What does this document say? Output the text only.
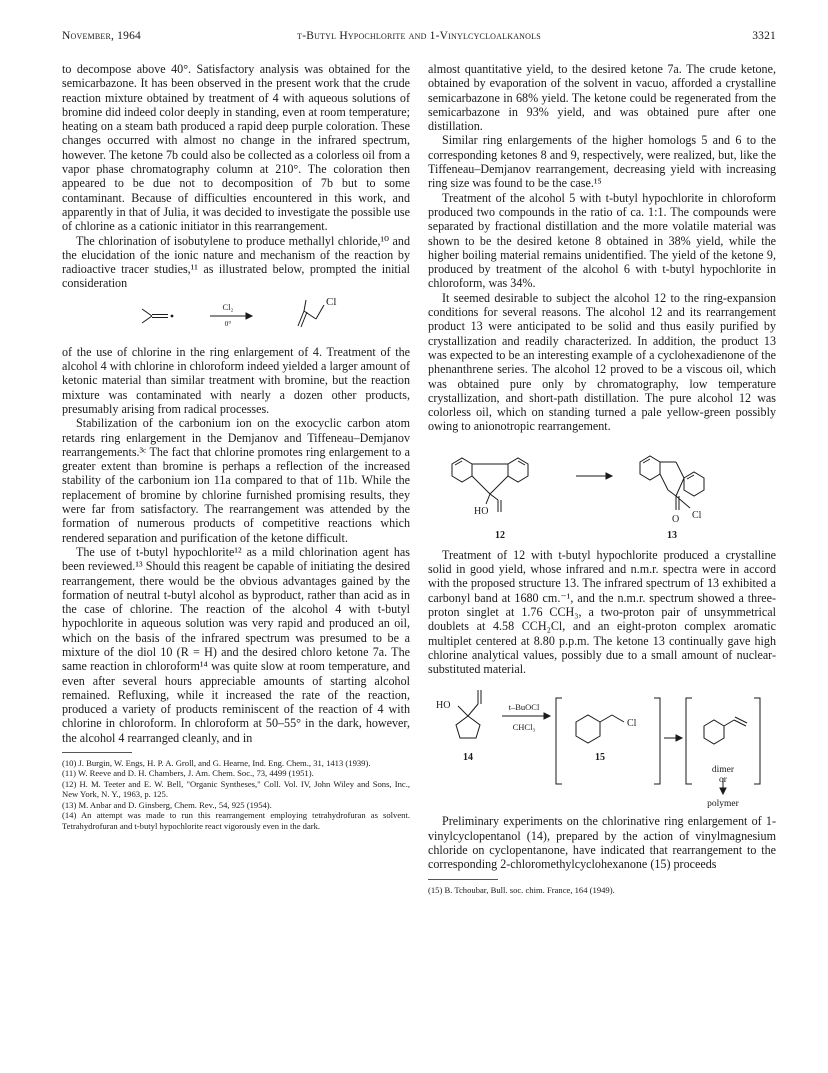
November, 1964	t-Butyl Hypochlorite and 1-Vinylcycloalkanols	3321

to decompose above 40°. Satisfactory analysis was obtained for the semicarbazone. It has been observed in the present work that the crude reaction mixture obtained by treatment of 4 with aqueous solutions of bromine did indeed color deeply in standing, even at room temperature; heating on a steam bath produced a rapid deep purple coloration. These changes occurred with almost no change in the infrared spectrum, however. The ketone 7b could also be collected as a colorless oil from a vapor phase chromatography column at 210°. The coloration then appeared to be due not to decomposition of 7b but to some contaminant. Because of difficulties encountered in this work, and apparently in that of Julia, it was decided to investigate the possible use of chlorine as a cationic initiator in this rearrangement.

The chlorination of isobutylene to produce methallyl chloride,¹⁰ and the elucidation of the ionic nature and mechanism of the reaction by radioactive tracer studies,¹¹ as illustrated below, prompted the initial consideration

Cl₂
0°
Cl

of the use of chlorine in the ring enlargement of 4. Treatment of the alcohol 4 with chlorine in chloroform indeed yielded a larger amount of ketonic material than similar treatment with bromine, but the reaction mixture was contaminated with nearly a dozen other products, presumably arising from radical processes.

Stabilization of the carbonium ion on the exocyclic carbon atom retards ring enlargement in the Demjanov and Tiffeneau–Demjanov rearrangements.³ᶜ The fact that chlorine promotes ring enlargement to a greater extent than bromine is perhaps a reflection of the increased stability of the carbonium ion 11a compared to that of 11b. While the replacement of bromine by chlorine furnished promising results, they were far from satisfactory. The rearrangement was attended by the formation of numerous products of competitive reactions which rendered separation and purification of the ketone difficult.

The use of t-butyl hypochlorite¹² as a mild chlorination agent has been reviewed.¹³ Should this reagent be capable of initiating the desired rearrangement, there would be the obvious advantages gained by the formation of neutral t-butyl alcohol as byproduct, rather than acid as in the case of chlorine. The reaction of the alcohol 4 with t-butyl hypochlorite in aqueous solution was very rapid and produced an oil, which on the basis of the infrared spectrum was presumed to be a mixture of the diol 10 (R = H) and the desired chloro ketone 7a. The same reaction in chloroform¹⁴ was quite slow at room temperature, and even after several hours appreciable amounts of starting alcohol remained. Refluxing, while it increased the rate of the reaction, produced a variety of products reminiscent of the reaction of 4 with chlorine in chloroform. In chloroform at 50–55° in the dark, however, the alcohol 4 rearranged cleanly, and in

(10) J. Burgin, W. Engs, H. P. A. Groll, and G. Hearne, Ind. Eng. Chem., 31, 1413 (1939).

(11) W. Reeve and D. H. Chambers, J. Am. Chem. Soc., 73, 4499 (1951).

(12) H. M. Teeter and E. W. Bell, "Organic Syntheses," Coll. Vol. IV, John Wiley and Sons, Inc., New York, N. Y., 1963, p. 125.

(13) M. Anbar and D. Ginsberg, Chem. Rev., 54, 925 (1954).

(14) An attempt was made to run this rearrangement employing tetrahydrofuran as solvent. Tetrahydrofuran and t-butyl hypochlorite react vigorously even in the dark.

almost quantitative yield, to the desired ketone 7a. The crude ketone, obtained by evaporation of the solvent in vacuo, afforded a crystalline semicarbazone in 68% yield. The ketone could be regenerated from the semicarbazone in 93% yield, and was obtained pure after one distillation.

Similar ring enlargements of the higher homologs 5 and 6 to the corresponding ketones 8 and 9, respectively, were realized, but, like the Tiffeneau–Demjanov rearrangement, decreasing yield with increasing ring size was found to be the case.¹⁵

Treatment of the alcohol 5 with t-butyl hypochlorite in chloroform produced two compounds in the ratio of ca. 1:1. The compounds were separated by fractional distillation and the more volatile material was shown to be the desired ketone 8 obtained in 38% yield, while the higher boiling material remains unidentified. The yield of the ketone 9, produced by treatment of the alcohol 6 with t-butyl hypochlorite in chloroform, was 34%.

It seemed desirable to subject the alcohol 12 to the ring-expansion conditions for several reasons. The alcohol 12 and its rearrangement product 13 were anticipated to be solid and thus easily purified by crystallization and readily characterized. In addition, the product 13 was expected to be an interesting example of a cyclohexadienone of the phenanthrene series. The alcohol 12 proved to be a viscous oil, which was obtained pure only by chromatography, low temperature crystallization, and short-path distillation. The pure alcohol 12 was colorless oil, which on standing turned a pale yellow-green possibly owing to anionotropic rearrangement.

HO
O Cl
12	13

Treatment of 12 with t-butyl hypochlorite produced a crystalline solid in good yield, whose infrared and n.m.r. spectra were in accord with the proposed structure 13. The infrared spectrum of 13 exhibited a carbonyl band at 1680 cm.⁻¹, and the n.m.r. spectrum showed a three-proton singlet at 1.76 CCH₃, a two-proton pair of unsymmetrical doublets at 4.58 CCH₂Cl, and an eight-proton complex aromatic multiplet centered at 8.80 p.p.m. The ketone 13 continually gave high chlorine analytical values, possibly due to a small amount of nuclear-substituted material.

HO	t–BuOCl
CHCl₃	Cl
14	15
dimer
or
polymer

Preliminary experiments on the chlorinative ring enlargement of 1-vinylcyclopentanol (14), prepared by the action of vinylmagnesium chloride on cyclopentanone, have indicated that rearrangement to the corresponding 2-chloromethylcyclohexanone (15) proceeds

(15) B. Tchoubar, Bull. soc. chim. France, 164 (1949).
